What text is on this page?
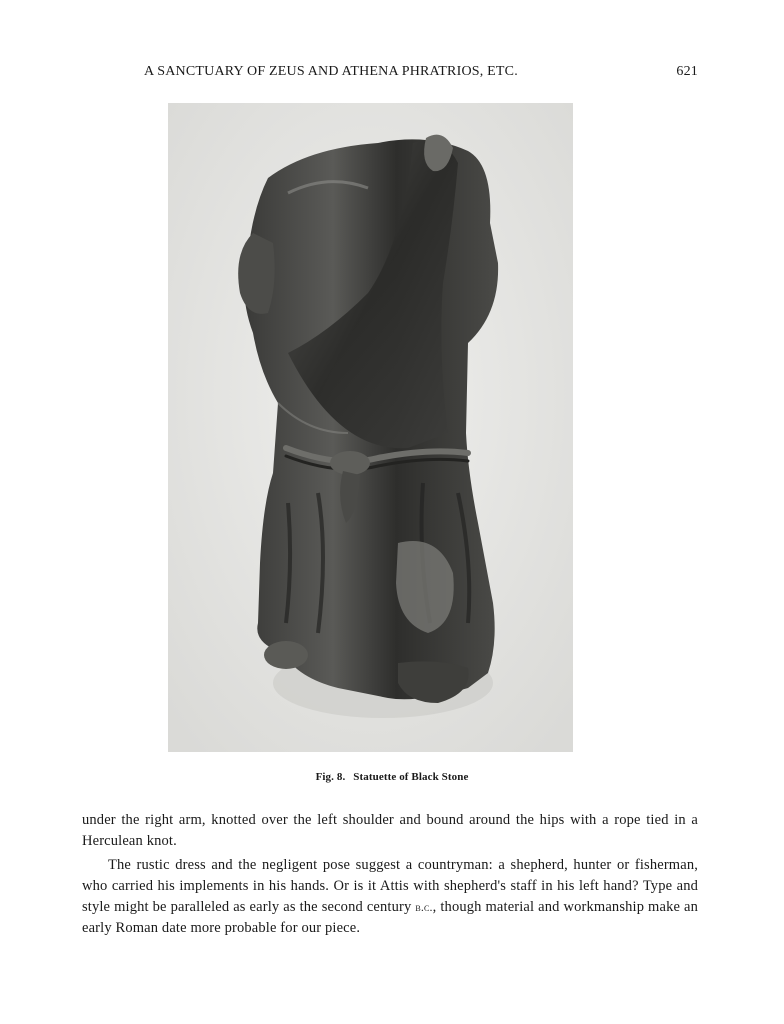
A SANCTUARY OF ZEUS AND ATHENA PHRATRIOS, ETC.	621
Fig. 8. Statuette of Black Stone

under the right arm, knotted over the left shoulder and bound around the hips with a rope tied in a Herculean knot.

The rustic dress and the negligent pose suggest a countryman: a shepherd, hunter or fisherman, who carried his implements in his hands. Or is it Attis with shepherd's staff in his left hand? Type and style might be paralleled as early as the second century b.c., though material and workmanship make an early Roman date more probable for our piece.
